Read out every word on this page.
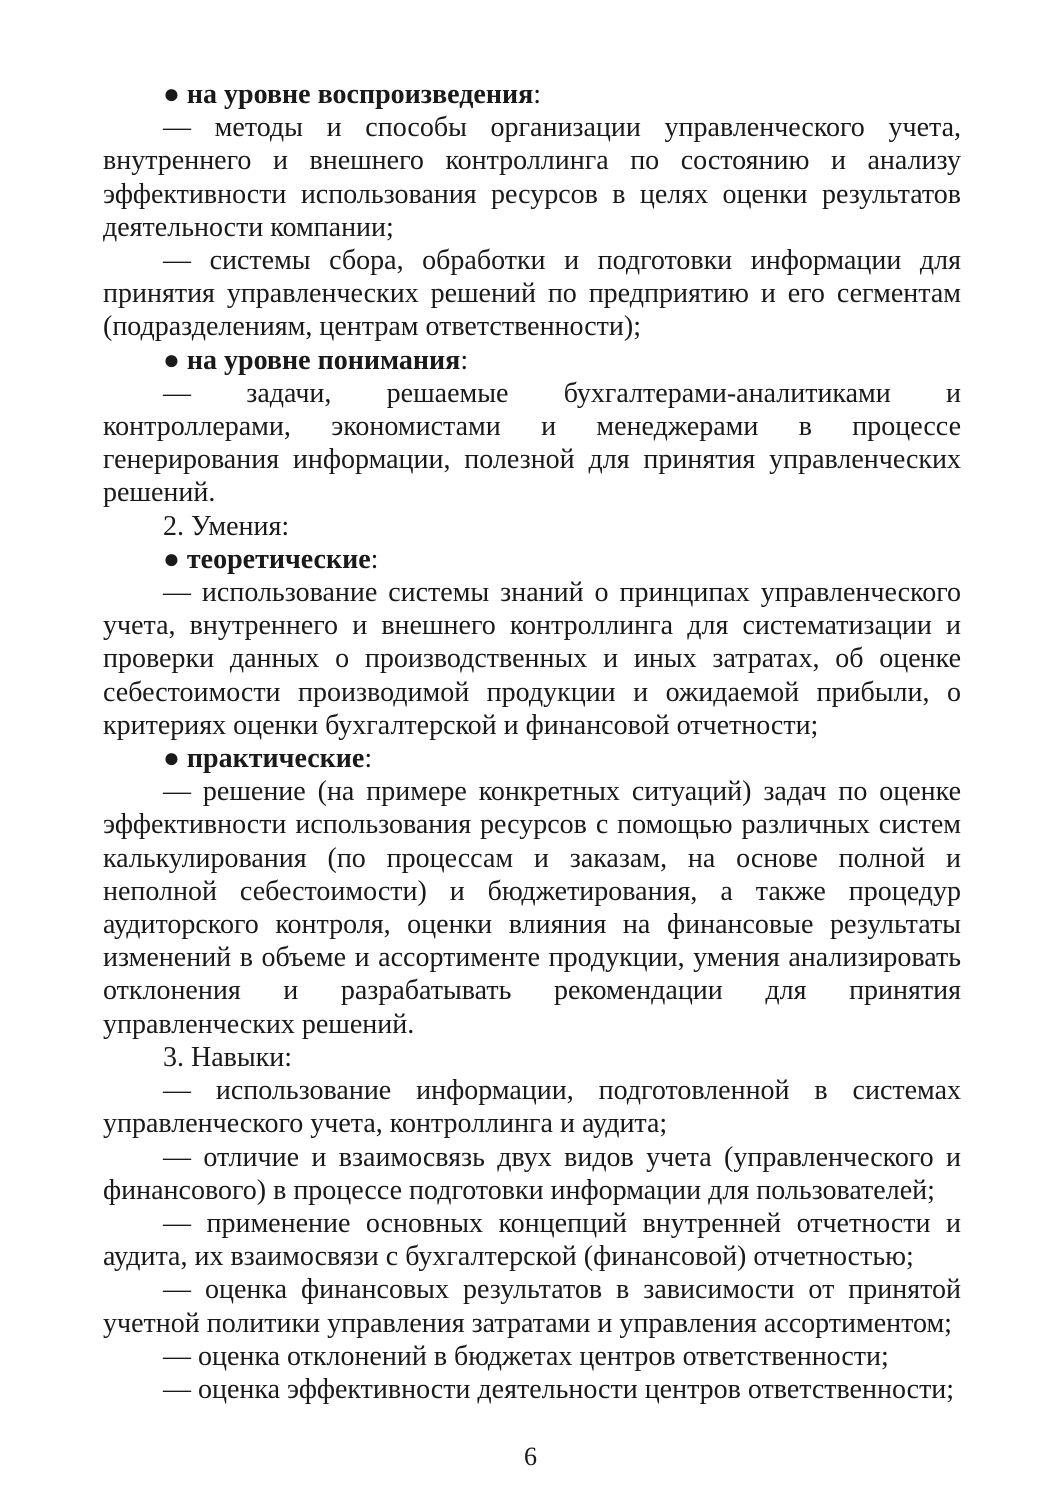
● на уровне воспроизведения:

— методы и способы организации управленческого учета, внутреннего и внешнего контроллинга по состоянию и анализу эффективности использования ресурсов в целях оценки результатов деятельности компании;

— системы сбора, обработки и подготовки информации для принятия управленческих решений по предприятию и его сегментам (подразделениям, центрам ответственности);

● на уровне понимания:

— задачи, решаемые бухгалтерами-аналитиками и контроллерами, экономистами и менеджерами в процессе генерирования информации, полезной для принятия управленческих решений.

2. Умения:

● теоретические:

— использование системы знаний о принципах управленческого учета, внутреннего и внешнего контроллинга для систематизации и проверки данных о производственных и иных затратах, об оценке себестоимости производимой продукции и ожидаемой прибыли, о критериях оценки бухгалтерской и финансовой отчетности;

● практические:

— решение (на примере конкретных ситуаций) задач по оценке эффективности использования ресурсов с помощью различных систем калькулирования (по процессам и заказам, на основе полной и неполной себестоимости) и бюджетирования, а также процедур аудиторского контроля, оценки влияния на финансовые результаты изменений в объеме и ассортименте продукции, умения анализировать отклонения и разрабатывать рекомендации для принятия управленческих решений.

3. Навыки:

— использование информации, подготовленной в системах управленческого учета, контроллинга и аудита;

— отличие и взаимосвязь двух видов учета (управленческого и финансового) в процессе подготовки информации для пользователей;

— применение основных концепций внутренней отчетности и аудита, их взаимосвязи с бухгалтерской (финансовой) отчетностью;

— оценка финансовых результатов в зависимости от принятой учетной политики управления затратами и управления ассортиментом;

— оценка отклонений в бюджетах центров ответственности;

— оценка эффективности деятельности центров ответственности;

6
